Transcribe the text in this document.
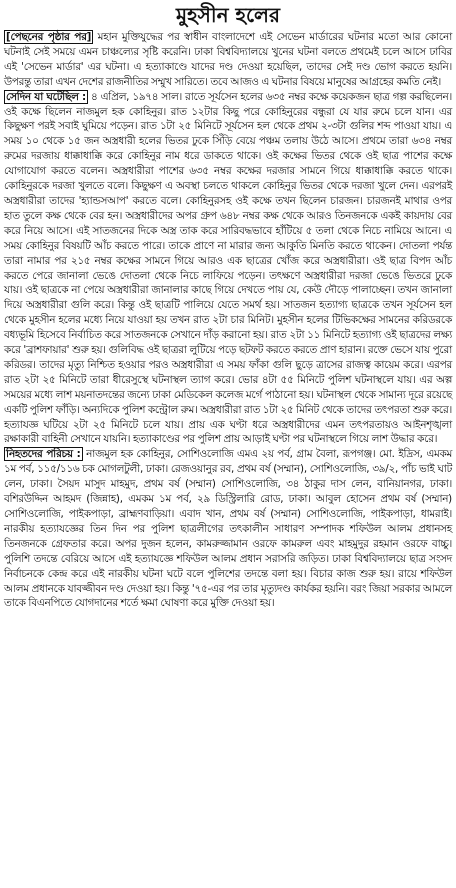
মুহসীন হলের

[পেছনের পৃষ্ঠার পর] মহান মুক্তিযুদ্ধের পর স্বাধীন বাংলাদেশে এই সেভেন মার্ডারের ঘটনার মতো আর কোনো ঘটনাই সেই সময়ে এমন চাঞ্চল্যের সৃষ্টি করেনি। ঢাকা বিশ্ববিদ্যালয়ে খুনের ঘটনা বলতে প্রথমেই চলে আসে ঢাবির এই 'সেভেন মার্ডার' এর ঘটনা। এ হত্যাকাণ্ডে যাদের দণ্ড দেওয়া হয়েছিল, তাদের সেই দণ্ড ভোগ করতে হয়নি। উপরন্তু তারা এখন দেশের রাজনীতির সম্মুখ সারিতে। তবে আজও এ ঘটনার বিষয়ে মানুষের আগ্রহের কমতি নেই।

সেদিন যা ঘটেছিল : ৪ এপ্রিল, ১৯৭৪ সাল। রাতে সূর্যসেন হলের ৬৩৫ নম্বর কক্ষে কয়েকজন ছাত্র গল্প করছিলেন। ওই কক্ষে ছিলেন নাজমুল হক কোহিনুর। রাত ১২টার কিছু পরে কোহিনুরের বন্ধুরা যে যার রুমে চলে যান। এর কিছুক্ষণ পরই সবাই ঘুমিয়ে পড়েন। রাত ১টা ২৫ মিনিটে সূর্যসেন হল থেকে প্রথম ২-৩টা গুলির শব্দ পাওয়া যায়। এ সময় ১০ থেকে ১৫ জন অস্ত্রধারী হলের ভিতর ঢুকে সিঁড়ি বেয়ে পঞ্চম তলায় উঠে আসে। প্রথমে তারা ৬৩৪ নম্বর রুমের দরজায় ধাক্কাধাক্কি করে কোহিনুর নাম ধরে ডাকতে থাকে। ওই কক্ষের ভিতর থেকে ওই ছাত্র পাশের কক্ষে যোগাযোগ করতে বলেন। অস্ত্রধারীরা পাশের ৬৩৫ নম্বর কক্ষের দরজার সামনে গিয়ে ধাক্কাধাক্কি করতে থাকে। কোহিনুরকে দরজা খুলতে বলে। কিছুক্ষণ এ অবস্থা চলতে থাকলে কোহিনুর ভিতর থেকে দরজা খুলে দেন। এরপরই অস্ত্রধারীরা তাদের 'হ্যান্ডসআপ' করতে বলে। কোহিনুরসহ ওই কক্ষে তখন ছিলেন চারজন। চারজনই মাথার ওপর হাত তুলে কক্ষ থেকে বের হন। অস্ত্রধারীদের অপর গ্রুপ ৬৪৮ নম্বর কক্ষ থেকে আরও তিনজনকে একই কায়দায় বের করে নিয়ে আসে। এই সাতজনের দিকে অস্ত্র তাক করে সারিবদ্ধভাবে হাঁটিয়ে ৫ তলা থেকে নিচে নামিয়ে আনে। এ সময় কোহিনুর বিষয়টি আঁচ করতে পারে। তাকে প্রাণে না মারার জন্য আকুতি মিনতি করতে থাকেন। দোতলা পর্যন্ত তারা নামার পর ২১৫ নম্বর কক্ষের সামনে গিয়ে আরও এক ছাত্রের খোঁজ করে অস্ত্রধারীরা। ওই ছাত্র বিপদ আঁচ করতে পেরে জানালা ভেঙে দোতলা থেকে নিচে লাফিয়ে পড়েন। তৎক্ষণে অস্ত্রধারীরা দরজা ভেঙে ভিতরে ঢুকে যায়। ওই ছাত্রকে না পেয়ে অস্ত্রধারীরা জানালার কাছে গিয়ে দেখতে পায় যে, কেউ দৌড়ে পালাচ্ছেন। তখন জানালা দিয়ে অস্ত্রধারীরা গুলি করে। কিন্তু ওই ছাত্রটি পালিয়ে যেতে সমর্থ হয়। সাতজন হত্যাগ্য ছাত্রকে তখন সূর্যসেন হল থেকে মুহসীন হলের মধ্যে নিয়ে যাওয়া হয় তখন রাত ২টা চার মিনিট। মুহসীন হলের টিভিকক্ষের সামনের করিডরকে বধ্যভূমি হিসেবে নির্বাচিত করে সাতজনকে সেখানে দাঁড় করানো হয়। রাত ২টা ১১ মিনিটে হত্যাগ্য ওই ছাত্রদের লক্ষ্য করে 'ব্রাশফায়ার' শুরু হয়। গুলিবিদ্ধ ওই ছাত্ররা লুটিয়ে পড়ে ছটফট করতে করতে প্রাণ হারান। রক্তে ভেসে যায় পুরো করিডর। তাদের মৃত্যু নিশ্চিত হওয়ার পরও অস্ত্রধারীরা এ সময় ফাঁকা গুলি ছুড়ে ত্রাসের রাজত্ব কায়েম করে। এরপর রাত ২টা ২৫ মিনিটে তারা ধীরেসুস্থে ঘটনাস্থল ত্যাগ করে। ভোর ৪টা ৫৫ মিনিটে পুলিশ ঘটনাস্থলে যায়। এর অল্প সময়ের মধ্যে লাশ ময়নাতদন্তের জন্যে ঢাকা মেডিকেল কলেজ মর্গে পাঠানো হয়। ঘটনাস্থল থেকে সামান্য দূরে রয়েছে একটি পুলিশ ফাঁড়ি। অন্যদিকে পুলিশ কন্ট্রোল রুম। অস্ত্রধারীরা রাত ১টা ২৫ মিনিট থেকে তাদের তৎপরতা শুরু করে। হত্যাযজ্ঞ ঘটিয়ে ২টা ২৫ মিনিটে চলে যায়। প্রায় এক ঘণ্টা ধরে অস্ত্রধারীদের এমন তৎপরতায়ও আইনশৃঙ্খলা রক্ষাকারী বাহিনী সেখানে যায়নি। হত্যাকাণ্ডের পর পুলিশ প্রায় আড়াই ঘণ্টা পর ঘটনাস্থলে গিয়ে লাশ উদ্ধার করে।

নিহতদের পরিচয় : নাজমুল হক কোহিনুর, সোশিওলোজি এমএ ২য় পর্ব, গ্রাম বৈলা, রূপগঞ্জ। মো. ইদ্রিস, এমকম ১ম পর্ব, ১১৫/১১৬ চক মোগলটুলী, ঢাকা। রেজওয়ানুর রব, প্রথম বর্ষ (সম্মান), সোশিওলোজি, ৩৯/২, পাঁচ ভাই ঘাট লেন, ঢাকা। সৈয়দ মাসুদ মাহমুদ, প্রথম বর্ষ (সম্মান) সোশিওলোজি, ৩৪ ঠাকুর দাস লেন, বানিয়ানগর, ঢাকা। বশিরউদ্দিন আহমদ (জিন্নাহ), এমকম ১ম পর্ব, ২৯ ডিস্ট্রিলারি রোড, ঢাকা। আবুল হোসেন প্রথম বর্ষ (সম্মান) সোশিওলোজি, পাইকপাড়া, ব্রাহ্মণবাড়িয়া। এবাদ খান, প্রথম বর্ষ (সম্মান) সোশিওলোজি, পাইকপাড়া, ধামরাই। নারকীয় হত্যাযজ্ঞের তিন দিন পর পুলিশ ছাত্রলীগের তৎকালীন সাধারণ সম্পাদক শফিউল আলম প্রধানসহ তিনজনকে গ্রেফতার করে। অপর দুজন হলেন, কামরুজ্জামান ওরফে কামরুল এবং মাহমুদুর রহমান ওরফে বাচ্চু। পুলিশি তদন্তে বেরিয়ে আসে এই হত্যাযজ্ঞে শফিউল আলম প্রধান সরাসরি জড়িত। ঢাকা বিশ্ববিদ্যালয়ে ছাত্র সংসদ নির্বাচনকে কেন্দ্র করে এই নারকীয় ঘটনা ঘটে বলে পুলিশের তদন্তে বলা হয়। বিচার কাজ শুরু হয়। রায়ে শফিউল আলম প্রধানকে যাবজ্জীবন দণ্ড দেওয়া হয়। কিন্তু '৭৫-এর পর তার মৃত্যুদণ্ড কার্যকর হয়নি। বরং জিয়া সরকার আমলে তাকে বিএনপিতে যোগদানের শর্তে ক্ষমা ঘোষণা করে মুক্তি দেওয়া হয়।
